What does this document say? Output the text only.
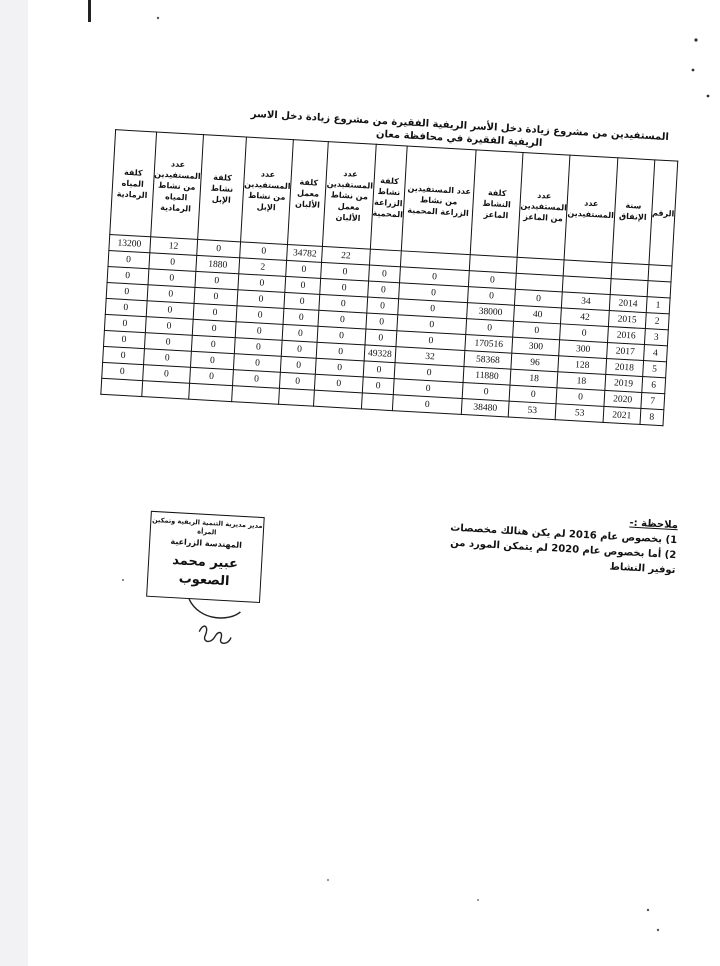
المستفيدين من مشروع زيادة دخل الأسر الريفية الفقيرة من مشروع زيادة دخل الاسر الريفية الفقيرة في محافظة معان
الرقم	سنة الإنفاق	عدد المستفيدين	عدد المستفيدين من الماعز	كلفة النشاط الماعز	عدد المستفيدين من نشاط الزراعة المحمية	كلفة نشاط الزراعة المحمية	عدد المستفيدين من نشاط معمل الألبان	كلفة معمل الألبان	عدد المستفيدين من نشاط الإبل	كلفة نشاط الإبل	عدد المستفيدين من نشاط المياه الرمادية	كلفة المياه الرمادية
							22	34782	0	0	12	13200
				0	0	0	0	0	2	1880	0	0
1	2014	34	0	0	0	0	0	0	0	0	0	0
2	2015	42	40	38000	0	0	0	0	0	0	0	0
3	2016	0	0	0	0	0	0	0	0	0	0	0
4	2017	300	300	170516	0	0	0	0	0	0	0	0
5	2018	128	96	58368	32	49328	0	0	0	0	0	0
6	2019	18	18	11880	0	0	0	0	0	0	0	0
7	2020	0	0	0	0	0	0	0	0	0	0	0
8	2021	53	53	38480	0							
ملاحظة :-
1) بخصوص عام 2016 لم يكن هنالك مخصصات
2) أما بخصوص عام 2020 لم يتمكن المورد من توفير النشاط
مدير مديرية التنمية الريفية وتمكين المرأة
المهندسة الزراعية
عبير محمد الصعوب
